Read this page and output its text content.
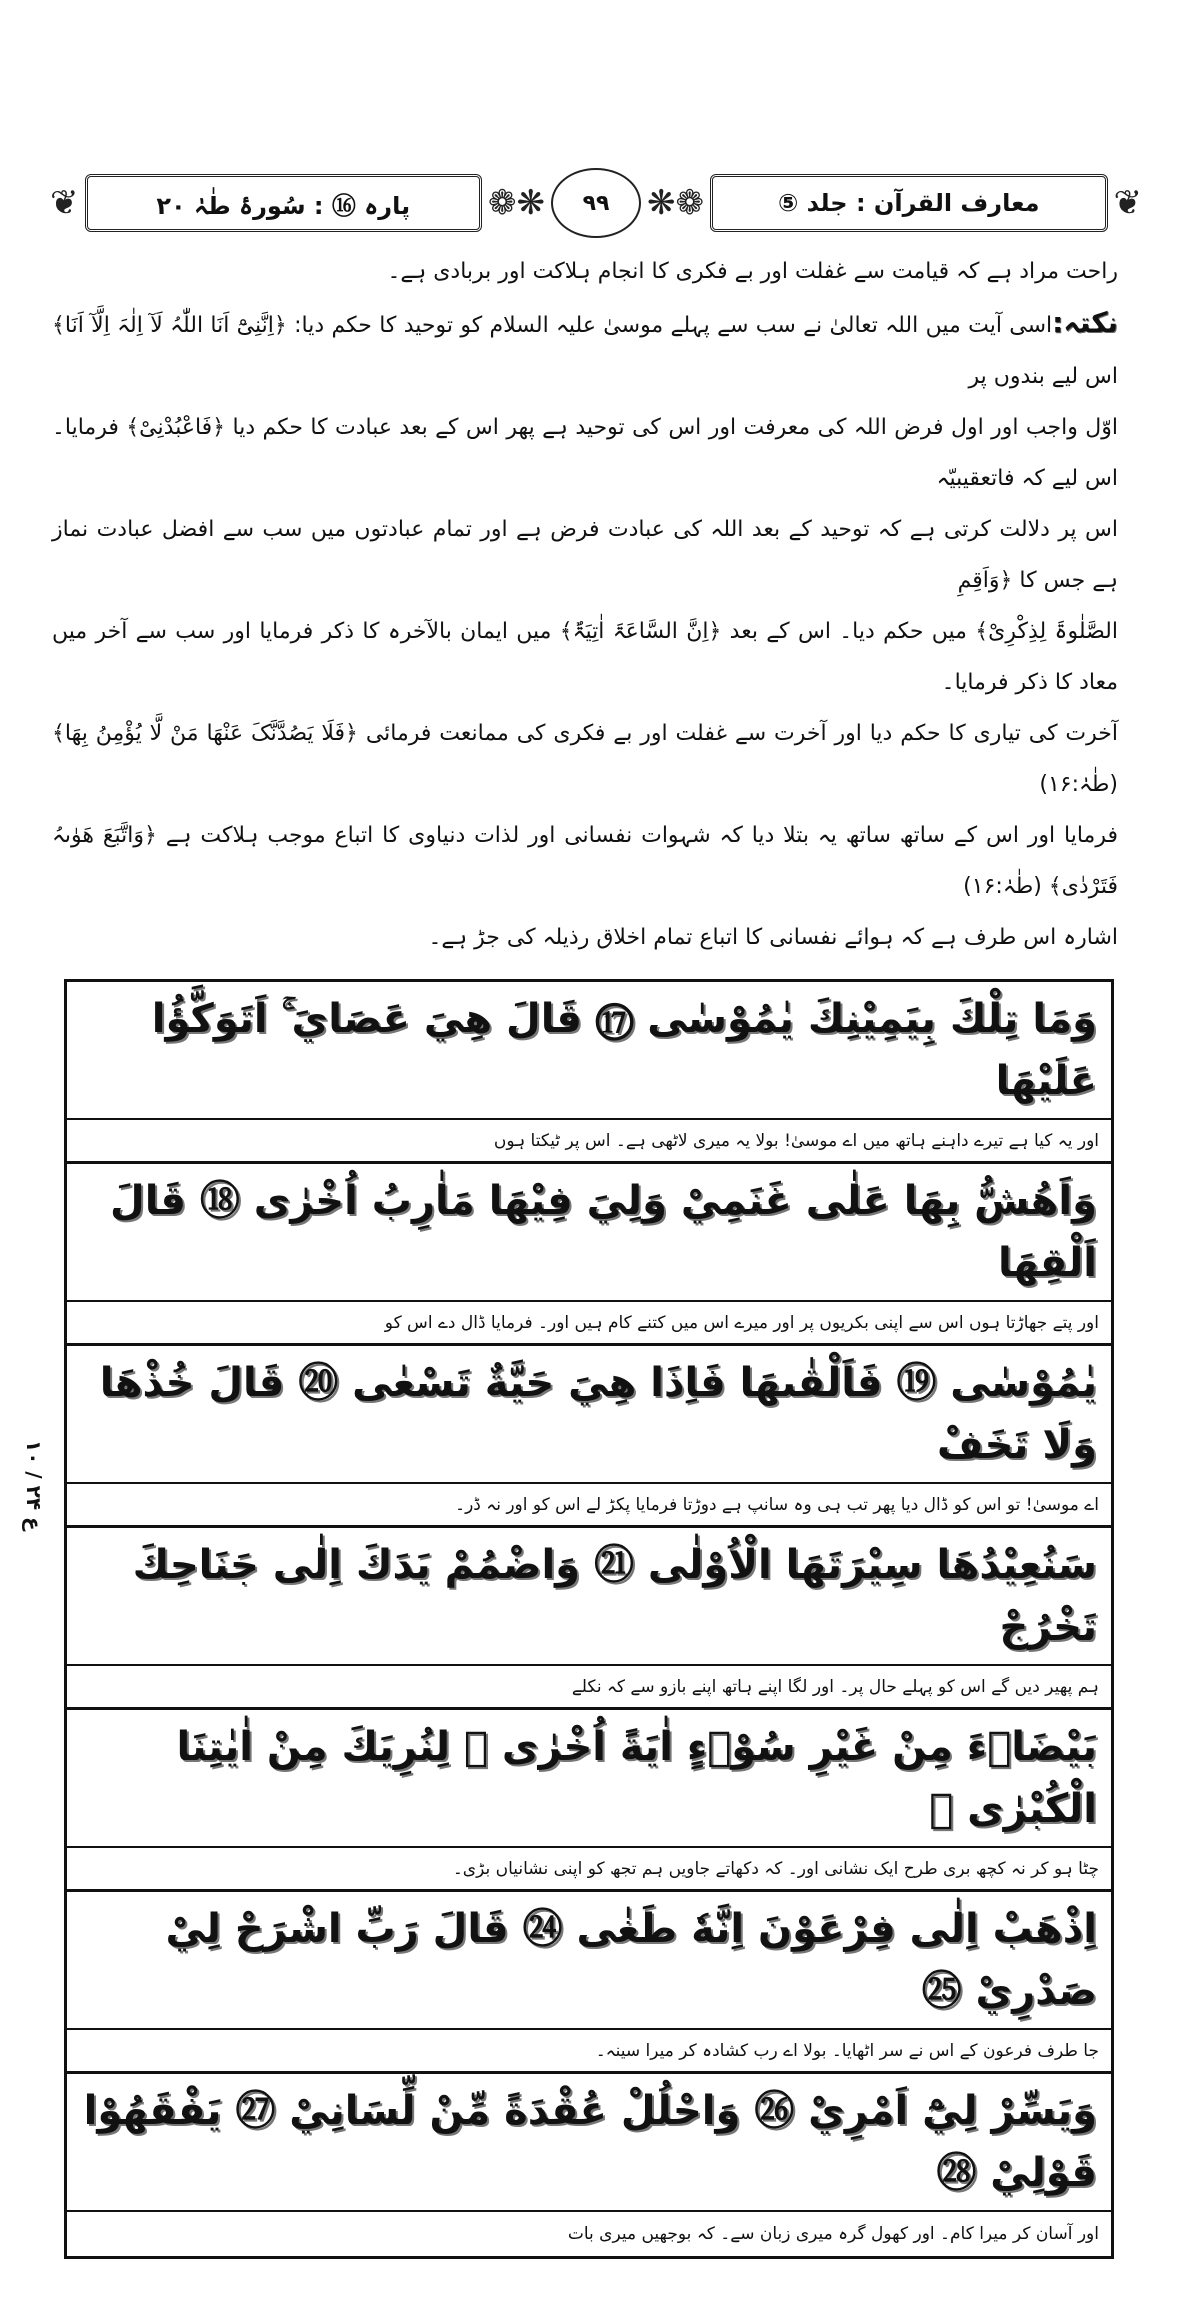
❦	پارہ ⑯ : سُورۂ طٰہٰ ۲۰	❁❋	۹۹	❋❁	معارف القرآن : جلد ⑤	❦

راحت مراد ہے کہ قیامت سے غفلت اور بے فکری کا انجام ہلاکت اور بربادی ہے۔

نکتہ:اسی آیت میں اللہ تعالیٰ نے سب سے پہلے موسیٰ علیہ السلام کو توحید کا حکم دیا: ﴿اِنَّنِیْٓ اَنَا اللّٰہُ لَآ اِلٰہَ اِلَّآ اَنَا﴾ اس لیے بندوں پر

اوّل واجب اور اول فرض اللہ کی معرفت اور اس کی توحید ہے پھر اس کے بعد عبادت کا حکم دیا ﴿فَاعْبُدْنِیْ﴾ فرمایا۔ اس لیے کہ فاتعقیبیّہ

اس پر دلالت کرتی ہے کہ توحید کے بعد اللہ کی عبادت فرض ہے اور تمام عبادتوں میں سب سے افضل عبادت نماز ہے جس کا ﴿وَاَقِمِ

الصَّلٰوۃَ لِذِکْرِیْ﴾ میں حکم دیا۔ اس کے بعد ﴿اِنَّ السَّاعَۃَ اٰتِیَۃٌ﴾ میں ایمان بالآخرہ کا ذکر فرمایا اور سب سے آخر میں معاد کا ذکر فرمایا۔

آخرت کی تیاری کا حکم دیا اور آخرت سے غفلت اور بے فکری کی ممانعت فرمائی ﴿فَلَا یَصُدَّنَّکَ عَنْھَا مَنْ لَّا یُؤْمِنُ بِھَا﴾ (طٰہٰ:۱۶)

فرمایا اور اس کے ساتھ ساتھ یہ بتلا دیا کہ شہوات نفسانی اور لذات دنیاوی کا اتباع موجب ہلاکت ہے ﴿وَاتَّبَعَ ھَوٰىہُ فَتَرْدٰی﴾ (طٰہٰ:۱۶)

اشارہ اس طرف ہے کہ ہوائے نفسانی کا اتباع تمام اخلاق رذیلہ کی جڑ ہے۔

وَمَا تِلْكَ بِيَمِيْنِكَ يٰمُوْسٰى ⑰ قَالَ هِيَ عَصَايَ ۚ اَتَوَكَّؤُا عَلَيْهَا
اور یہ کیا ہے تیرے داہنے ہاتھ میں اے موسیٰ! بولا یہ میری لاٹھی ہے۔ اس پر ٹیکتا ہوں
وَاَهُشُّ بِهَا عَلٰى غَنَمِيْ وَلِيَ فِيْهَا مَاٰرِبُ اُخْرٰى ⑱ قَالَ اَلْقِهَا
اور پتے جھاڑتا ہوں اس سے اپنی بکریوں پر اور میرے اس میں کتنے کام ہیں اور۔ فرمایا ڈال دے اس کو
يٰمُوْسٰى ⑲ فَاَلْقٰىهَا فَاِذَا هِيَ حَيَّةٌ تَسْعٰى ⑳ قَالَ خُذْهَا وَلَا تَخَفْ
اے موسیٰ! تو اس کو ڈال دیا پھر تب ہی وہ سانپ ہے دوڑتا فرمایا پکڑ لے اس کو اور نہ ڈر۔
سَنُعِيْدُهَا سِيْرَتَهَا الْاُوْلٰى ㉑ وَاضْمُمْ يَدَكَ اِلٰى جَنَاحِكَ تَخْرُجْ
ہم پھیر دیں گے اس کو پہلے حال پر۔ اور لگا اپنے ہاتھ اپنے بازو سے کہ نکلے
بَيْضَاۤءَ مِنْ غَيْرِ سُوْۤءٍ اٰيَةً اُخْرٰى ㉒ لِنُرِيَكَ مِنْ اٰيٰتِنَا الْكُبْرٰى ㉓
چٹا ہو کر نہ کچھ بری طرح ایک نشانی اور۔ کہ دکھاتے جاویں ہم تجھ کو اپنی نشانیاں بڑی۔
اِذْهَبْ اِلٰى فِرْعَوْنَ اِنَّهٗ طَغٰى ㉔ قَالَ رَبِّ اشْرَحْ لِيْ صَدْرِيْ ㉕
جا طرف فرعون کے اس نے سر اٹھایا۔ بولا اے رب کشادہ کر میرا سینہ۔
وَيَسِّرْ لِيْٓ اَمْرِيْ ㉖ وَاحْلُلْ عُقْدَةً مِّنْ لِّسَانِيْ ㉗ يَفْقَهُوْا قَوْلِيْ ㉘
اور آسان کر میرا کام۔ اور کھول گرہ میری زبان سے۔ کہ بوجھیں میری بات
ع ۲۴ / ۱۰
